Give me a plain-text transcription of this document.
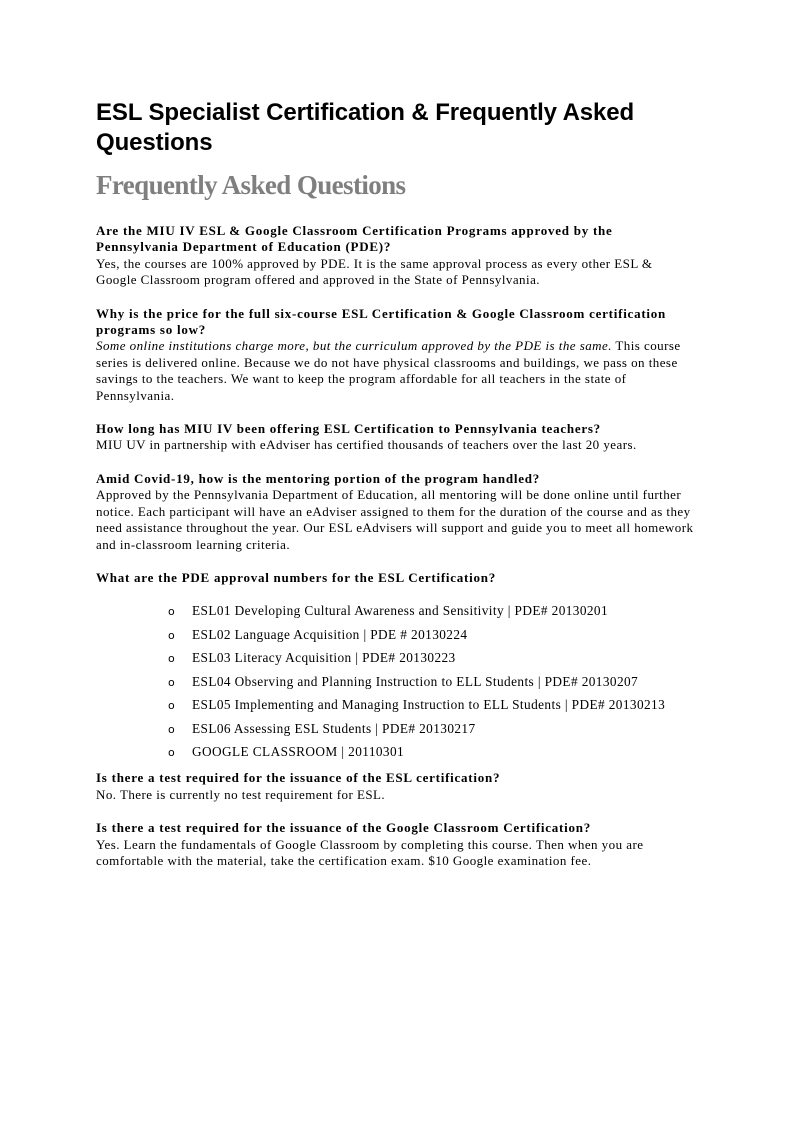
ESL Specialist Certification & Frequently Asked Questions
Frequently Asked Questions
Are the MIU IV ESL & Google Classroom Certification Programs approved by the Pennsylvania Department of Education (PDE)?
Yes, the courses are 100% approved by PDE. It is the same approval process as every other ESL & Google Classroom program offered and approved in the State of Pennsylvania.
Why is the price for the full six-course ESL Certification & Google Classroom certification programs so low?
Some online institutions charge more, but the curriculum approved by the PDE is the same. This course series is delivered online. Because we do not have physical classrooms and buildings, we pass on these savings to the teachers. We want to keep the program affordable for all teachers in the state of Pennsylvania.
How long has MIU IV been offering ESL Certification to Pennsylvania teachers?
MIU UV in partnership with eAdviser has certified thousands of teachers over the last 20 years.
Amid Covid-19, how is the mentoring portion of the program handled?
Approved by the Pennsylvania Department of Education, all mentoring will be done online until further notice. Each participant will have an eAdviser assigned to them for the duration of the course and as they need assistance throughout the year. Our ESL eAdvisers will support and guide you to meet all homework and in-classroom learning criteria.
What are the PDE approval numbers for the ESL Certification?
o ESL01 Developing Cultural Awareness and Sensitivity | PDE# 20130201
o ESL02 Language Acquisition | PDE # 20130224
o ESL03 Literacy Acquisition | PDE# 20130223
o ESL04 Observing and Planning Instruction to ELL Students | PDE# 20130207
o ESL05 Implementing and Managing Instruction to ELL Students | PDE# 20130213
o ESL06 Assessing ESL Students | PDE# 20130217
o GOOGLE CLASSROOM | 20110301
Is there a test required for the issuance of the ESL certification?
No. There is currently no test requirement for ESL.
Is there a test required for the issuance of the Google Classroom Certification?
Yes. Learn the fundamentals of Google Classroom by completing this course. Then when you are comfortable with the material, take the certification exam. $10 Google examination fee.
